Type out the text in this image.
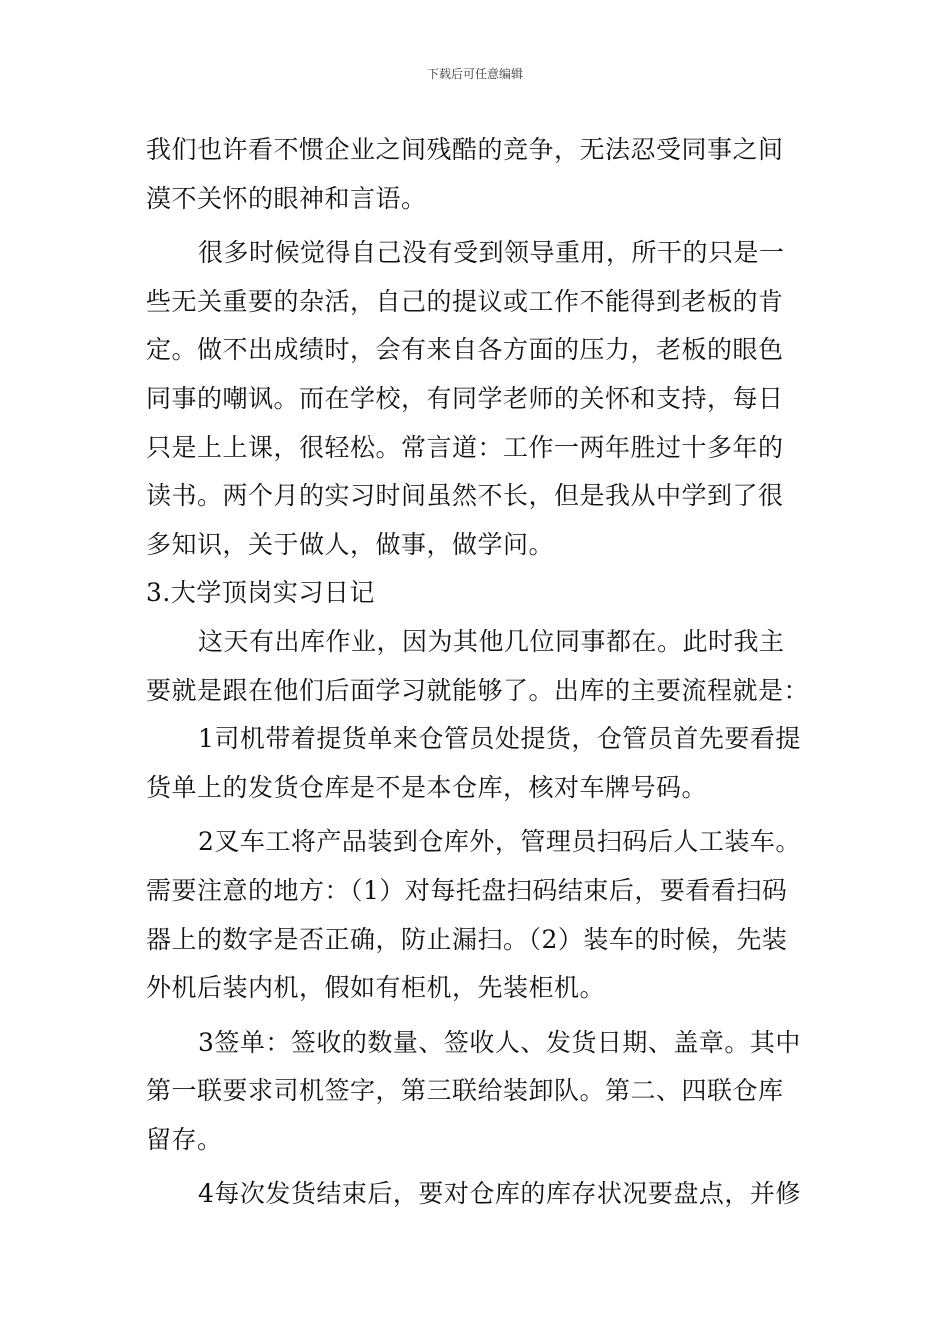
下载后可任意编辑
我们也许看不惯企业之间残酷的竞争，无法忍受同事之间
漠不关怀的眼神和言语。
很多时候觉得自己没有受到领导重用，所干的只是一
些无关重要的杂活，自己的提议或工作不能得到老板的肯
定。做不出成绩时，会有来自各方面的压力，老板的眼色
同事的嘲讽。而在学校，有同学老师的关怀和支持，每日
只是上上课，很轻松。常言道：工作一两年胜过十多年的
读书。两个月的实习时间虽然不长，但是我从中学到了很
多知识，关于做人，做事，做学问。
3.大学顶岗实习日记
这天有出库作业，因为其他几位同事都在。此时我主
要就是跟在他们后面学习就能够了。出库的主要流程就是：
1司机带着提货单来仓管员处提货，仓管员首先要看提
货单上的发货仓库是不是本仓库，核对车牌号码。
2叉车工将产品装到仓库外，管理员扫码后人工装车。
需要注意的地方：（1）对每托盘扫码结束后，要看看扫码
器上的数字是否正确，防止漏扫。（2）装车的时候，先装
外机后装内机，假如有柜机，先装柜机。
3签单：签收的数量、签收人、发货日期、盖章。其中
第一联要求司机签字，第三联给装卸队。第二、四联仓库
留存。
4每次发货结束后，要对仓库的库存状况要盘点，并修
